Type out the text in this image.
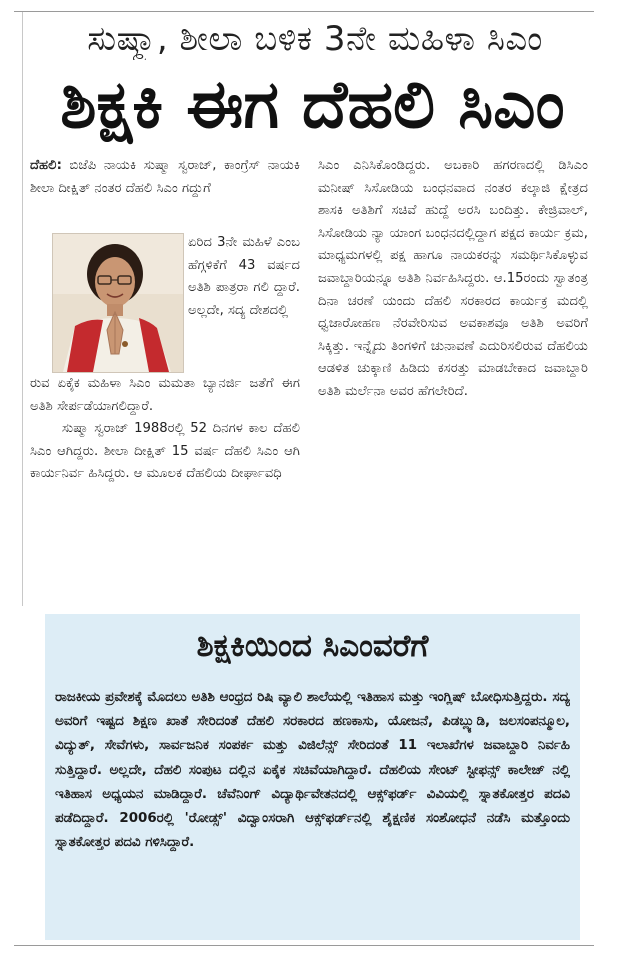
ಸುಷ್ಮಾ, ಶೀಲಾ ಬಳಿಕ 3ನೇ ಮಹಿಳಾ ಸಿಎಂ
ಶಿಕ್ಷಕಿ ಈಗ ದೆಹಲಿ ಸಿಎಂ

ದೆಹಲಿ: ಬಿಜೆಪಿ ನಾಯಕಿ ಸುಷ್ಮಾ ಸ್ವರಾಜ್, ಕಾಂಗ್ರೆಸ್ ನಾಯಕಿ ಶೀಲಾ ದೀಕ್ಷಿತ್ ನಂತರ ದೆಹಲಿ ಸಿಎಂ ಗದ್ದುಗೆ

ಏರಿದ 3ನೇ ಮಹಿಳೆ ಎಂಬ ಹೆಗ್ಗಳಿಕೆಗೆ 43 ವರ್ಷದ ಅತಿಶಿ ಪಾತ್ರರಾ ಗಲಿ ದ್ದಾರೆ. ಅಲ್ಲದೇ, ಸದ್ಯ ದೇಶದಲ್ಲಿ

ರುವ ಏಕೈಕ ಮಹಿಳಾ ಸಿಎಂ ಮಮತಾ ಬ್ಯಾನರ್ಜಿ ಜತೆಗೆ ಈಗ ಅತಿಶಿ ಸೇರ್ಪಡೆಯಾಗಲಿದ್ದಾರೆ.

ಸುಷ್ಮಾ ಸ್ವರಾಜ್ 1988ರಲ್ಲಿ 52 ದಿನಗಳ ಕಾಲ ದೆಹಲಿ ಸಿಎಂ ಆಗಿದ್ದರು. ಶೀಲಾ ದೀಕ್ಷಿತ್ 15 ವರ್ಷ ದೆಹಲಿ ಸಿಎಂ ಆಗಿ ಕಾರ್ಯನಿರ್ವ ಹಿಸಿದ್ದರು. ಆ ಮೂಲಕ ದೆಹಲಿಯ ದೀರ್ಘಾವಧಿ

ಸಿಎಂ ಎನಿಸಿಕೊಂಡಿದ್ದರು. ಅಬಕಾರಿ ಹಗರಣದಲ್ಲಿ ಡಿಸಿಎಂ ಮನೀಷ್ ಸಿಸೋಡಿಯ ಬಂಧನವಾದ ನಂತರ ಕಲ್ಕಾಜಿ ಕ್ಷೇತ್ರದ ಶಾಸಕಿ ಅತಿಶಿಗೆ ಸಚಿವೆ ಹುದ್ದೆ ಅರಸಿ ಬಂದಿತ್ತು. ಕೇಜ್ರಿವಾಲ್, ಸಿಸೋಡಿಯ ನ್ಯಾ ಯಾಂಗ ಬಂಧನದಲ್ಲಿದ್ದಾಗ ಪಕ್ಷದ ಕಾರ್ಯ ಕ್ರಮ, ಮಾಧ್ಯಮಗಳಲ್ಲಿ ಪಕ್ಷ ಹಾಗೂ ನಾಯಕರನ್ನು ಸಮರ್ಥಿಸಿಕೊಳ್ಳುವ ಜವಾಬ್ದಾರಿಯನ್ನೂ ಅತಿಶಿ ನಿರ್ವಹಿಸಿದ್ದರು. ಆ.15ರಂದು ಸ್ವಾತಂತ್ರ ದಿನಾ ಚರಣೆ ಯಂದು ದೆಹಲಿ ಸರಕಾರದ ಕಾರ್ಯಕ್ರ ಮದಲ್ಲಿ ಧ್ವಜಾರೋಹಣ ನೆರವೇರಿಸುವ ಅವಕಾಶವೂ ಅತಿಶಿ ಅವರಿಗೆ ಸಿಕ್ಕಿತ್ತು. ಇನ್ನೈದು ತಿಂಗಳಿಗೆ ಚುನಾವಣೆ ಎದುರಿಸಲಿರುವ ದೆಹಲಿಯ ಆಡಳಿತ ಚುಕ್ಕಾಣಿ ಹಿಡಿದು ಕಸರತ್ತು ಮಾಡಬೇಕಾದ ಜವಾಬ್ದಾರಿ ಅತಿಶಿ ಮರ್ಲೆನಾ ಅವರ ಹೆಗಲೇರಿದೆ.

ಶಿಕ್ಷಕಿಯಿಂದ ಸಿಎಂವರೆಗೆ
ರಾಜಕೀಯ ಪ್ರವೇಶಕ್ಕೆ ಮೊದಲು ಅತಿಶಿ ಆಂಧ್ರದ ರಿಷಿ ವ್ಯಾಲಿ ಶಾಲೆಯಲ್ಲಿ ಇತಿಹಾಸ ಮತ್ತು ಇಂಗ್ಲಿಷ್ ಬೋಧಿಸುತ್ತಿದ್ದರು. ಸದ್ಯ ಅವರಿಗೆ ಇಷ್ಟದ ಶಿಕ್ಷಣ ಖಾತೆ ಸೇರಿದಂತೆ ದೆಹಲಿ ಸರಕಾರದ ಹಣಕಾಸು, ಯೋಜನೆ, ಪಿಡಬ್ಲ್ಯುಡಿ, ಜಲಸಂಪನ್ಮೂಲ, ವಿದ್ಯುತ್, ಸೇವೆಗಳು, ಸಾರ್ವಜನಿಕ ಸಂಪರ್ಕ ಮತ್ತು ವಿಜಿಲೆನ್ಸ್ ಸೇರಿದಂತೆ 11 ಇಲಾಖೆಗಳ ಜವಾಬ್ದಾರಿ ನಿರ್ವಹಿ ಸುತ್ತಿದ್ದಾರೆ. ಅಲ್ಲದೇ, ದೆಹಲಿ ಸಂಪುಟ ದಲ್ಲಿನ ಏಕೈಕ ಸಚಿವೆಯಾಗಿದ್ದಾರೆ. ದೆಹಲಿಯ ಸೇಂಟ್ ಸ್ಟೀಫನ್ಸ್ ಕಾಲೇಜ್ ನಲ್ಲಿ ಇತಿಹಾಸ ಅಧ್ಯಯನ ಮಾಡಿದ್ದಾರೆ. ಚೆವೆನಿಂಗ್ ವಿದ್ಯಾರ್ಥಿವೇತನದಲ್ಲಿ ಆಕ್ಸ್‌ಫರ್ಡ್ ವಿವಿಯಲ್ಲಿ ಸ್ನಾತಕೋತ್ತರ ಪದವಿ ಪಡೆದಿದ್ದಾರೆ. 2006ರಲ್ಲಿ 'ರೋಡ್ಸ್' ವಿದ್ವಾಂಸರಾಗಿ ಆಕ್ಸ್‌ಫರ್ಡ್‌ನಲ್ಲಿ ಶೈಕ್ಷಣಿಕ ಸಂಶೋಧನೆ ನಡೆಸಿ ಮತ್ತೊಂದು ಸ್ನಾತಕೋತ್ತರ ಪದವಿ ಗಳಿಸಿದ್ದಾರೆ.
